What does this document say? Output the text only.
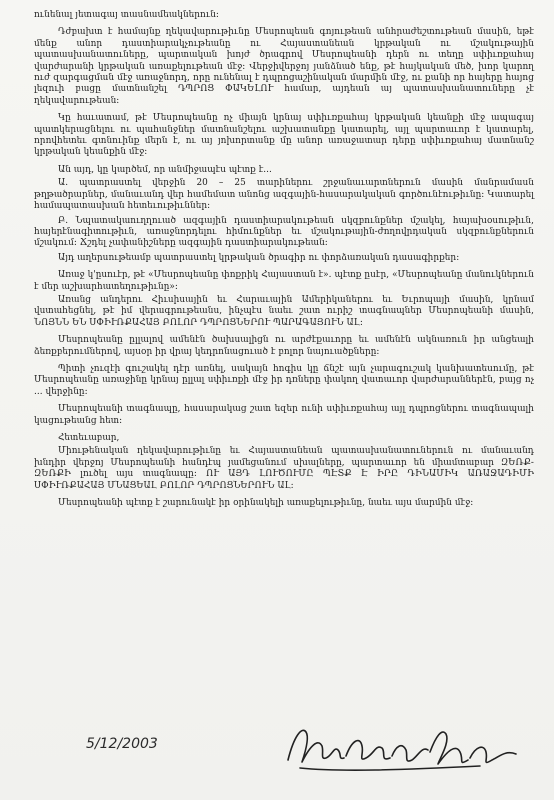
ունենալ յետագայ տասնամեակներուն:

Դժբախտ է համայնք ղեկավարութիւնը Մեսրոպեան գոյութեան անհրաժեշտութեան մասին, եթէ մենք անոր դաստիարակչութեանը ու Հայաստանեան կրթական ու մշակութային պատասխանատուները, պարտական խոյժ ծրագրով Մեսրոպեանի դերն ու տեղը սփիւռքահայ վարժարանի կրթական առաքելութեան մէջ: Վերջիվերջոյ յանձնած ենք, թէ հայկական մեծ, խոր կարող ուժ զարգացման մէջ առաջնորդ, որը ունենալ է դպրոցաշինական մարմին մէջ, ու քանի որ հայերը հայոց լեզուի բացը մատնանշել ԴՊՐՈՑ ՓԱԿԵԼՈՒ համար, այդեան այ պատասխանատուները չէ ղեկավարութեան:

Կը հաւատամ, թէ Մեսրոպեանը ոչ միայն կրնայ սփիւռքահայ կրթական կեանքի մէջ ապագայ պատկերացնելու ու պահանջներ մատնանշելու աշխատանքը կատարել, այլ պարտաւոր է կատարել, որովհետեւ գտնուինք մերն է, ու այ յոխորտանք մը անոր առաջատար դերը սփիւռքահայ մատնանշ կրթական կեանքին մէջ:

Ան այդ, կը կարծեմ, որ անմիջապէս պէտք է...

Ա. պատրաստել վերջին 20 – 25 տարիներու շրջանաւարտներուն մասին մանրամասն թղթածրարներ, մանաւանդ վեր համեմատ անոնց ազգային-հասարակական գործունէութիւնը: Կատարել համապատասխան հետեւութիւններ:

Բ. Նպատակաուղղուած ազգային դաստիարակութեան սկզբունքներ մշակել, հայախօսութիւն, հայերէնագիտութիւն, առաջնորդելու հիմունքներ եւ մշակութային-ժողովրդական սկզբունքներուն մշակում: Ճշդել չափանիշները ազգային դաստիարակութեան:

Այդ աղերսութեամբ պատրաստել կրթական ծրագիր ու փորձառական դասագիրքեր:

Առաջ կ'ըսուէր, թէ «Մեսրոպեանը փոքրիկ Հայաստան է». պէտք ըսէր, «Մեսրոպեանը մանուկներուն է մեր աշխարհատեղութիւնը»:

Առանց անդերու Հիւսիսային եւ Հարաւային Ամերիկաներու եւ Եւրոպայի մասին, կրնամ վստահեցնել, թէ իմ վերագրութեանս, ինչպէս նաեւ շատ ուրիշ տագնապներ Մեսրոպեանի մասին, ՆՈՅՆՆ ԵՆ ՍՓԻՒՌՔԱՀԱՅ ԲՈԼՈՐ ԴՊՐՈՑՆԵՐՈՒ ՊԱՐԱԳԱՅՈՒՆ ԱԼ:

Մեսրոպեանը ըլլալով ամենէն ծախսալիցն ու արժէքաւորը եւ ամենէն ակնառուն իր անցեալի ձեռքբերումներով, այսօր իր վրայ կեդրոնացուած է բոլոր նայուածքները:

Պիտի չուզէի գուշակել դէր առնել, սակայն հոգիս կը ճնշէ այն չարագուշակ կանխատեսումը, թէ Մեսրոպեանը առաջինը կրնայ ըլլալ սփիւռքի մէջ իր դռները փակող վատաւոր վարժարաններէն, բայց ոչ ... վերջինը:

Մեսրոպեանի տագնապը, հասարակաց շատ եզեր ունի սփիւռքահայ այլ դպրոցներու տագնապալի կացութեանց հետ:

Հետեւաբար,

Միութենական ղեկավարութիւնը եւ Հայաստանեան պատասխանատուներուն ու մանաւանդ խնդիր վերջոյ Մեսրոպեանի հանդէպ յամեցանում սխալները, պարտաւոր են միամտաբար ԶԵՌՔ-ԶԵՌՔԻ լուծել այս տագնապը: ՈՒ ԱՅԴ ԼՈՒԾՈՒՄԸ ՊԷՏՔ Է ԻՐԸ ԴԻՆԱՄԻԿ ԱՌԱՋԱԴԻՄԻ ՍՓԻՒՌՔԱՀԱՅ ՄՆԱՑԵԱԼ ԲՈԼՈՐ ԴՊՐՈՑՆԵՐՈՒՆ ԱԼ:

Մեսրոպեանի պէտք է շարունակէ իր օրինակելի առաքելութիւնը, նաեւ այս մարմին մէջ:

5/12/2003
